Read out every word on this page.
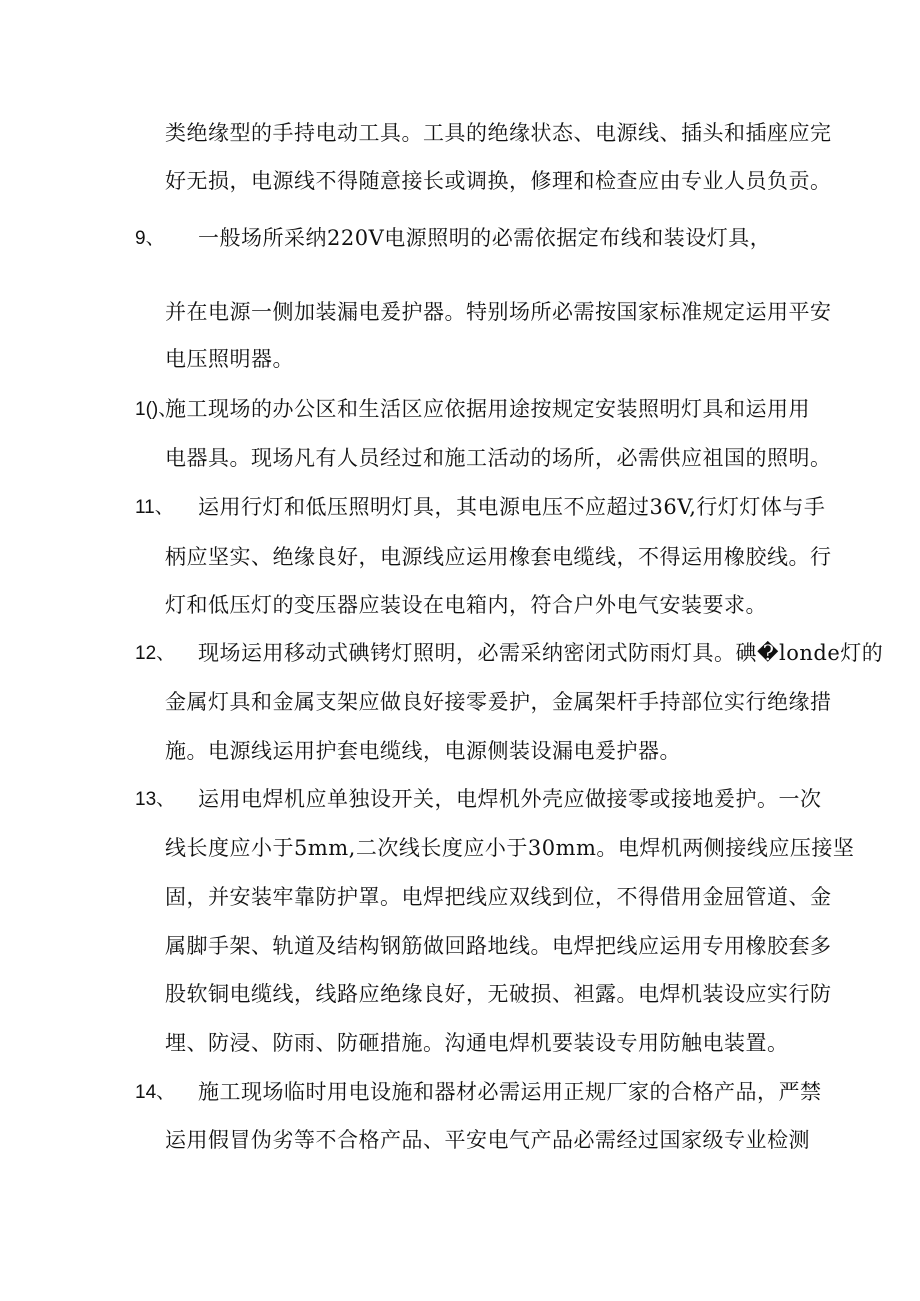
类绝缘型的手持电动工具。工具的绝缘状态、电源线、插头和插座应完
好无损，电源线不得随意接长或调换，修理和检查应由专业人员负贡。
9、 一般场所采纳220V电源照明的必需依据定布线和装设灯具，
并在电源一侧加装漏电爰护器。特别场所必需按国家标准规定运用平安
电压照明器。
1()、
施工现场的办公区和生活区应依据用途按规定安装照明灯具和运用用
电器具。现场凡有人员经过和施工活动的场所，必需供应祖国的照明。
11、 运用行灯和低压照明灯具，其电源电压不应超过36V,行灯灯体与手
柄应坚实、绝缘良好，电源线应运用橡套电缆线，不得运用橡胶线。行
灯和低压灯的变压器应装设在电箱内，符合户外电气安装要求。
12、 现场运用移动式碘铐灯照明，必需采纳密闭式防雨灯具。碘�londe灯的
金属灯具和金属支架应做良好接零爰护，金属架杆手持部位实行绝缘措
施。电源线运用护套电缆线，电源侧装设漏电爰护器。
13、 运用电焊机应单独设开关，电焊机外壳应做接零或接地爰护。一次
线长度应小于5mm,二次线长度应小于30mm。电焊机两侧接线应压接坚
固，并安装牢靠防护罩。电焊把线应双线到位，不得借用金屈管道、金
属脚手架、轨道及结构钢筋做回路地线。电焊把线应运用专用橡胶套多
股软铜电缆线，线路应绝缘良好，无破损、袒露。电焊机装设应实行防
埋、防浸、防雨、防砸措施。沟通电焊机要装设专用防触电装置。
14、 施工现场临时用电设施和器材必需运用正规厂家的合格产品，严禁
运用假冒伪劣等不合格产品、平安电气产品必需经过国家级专业检测
